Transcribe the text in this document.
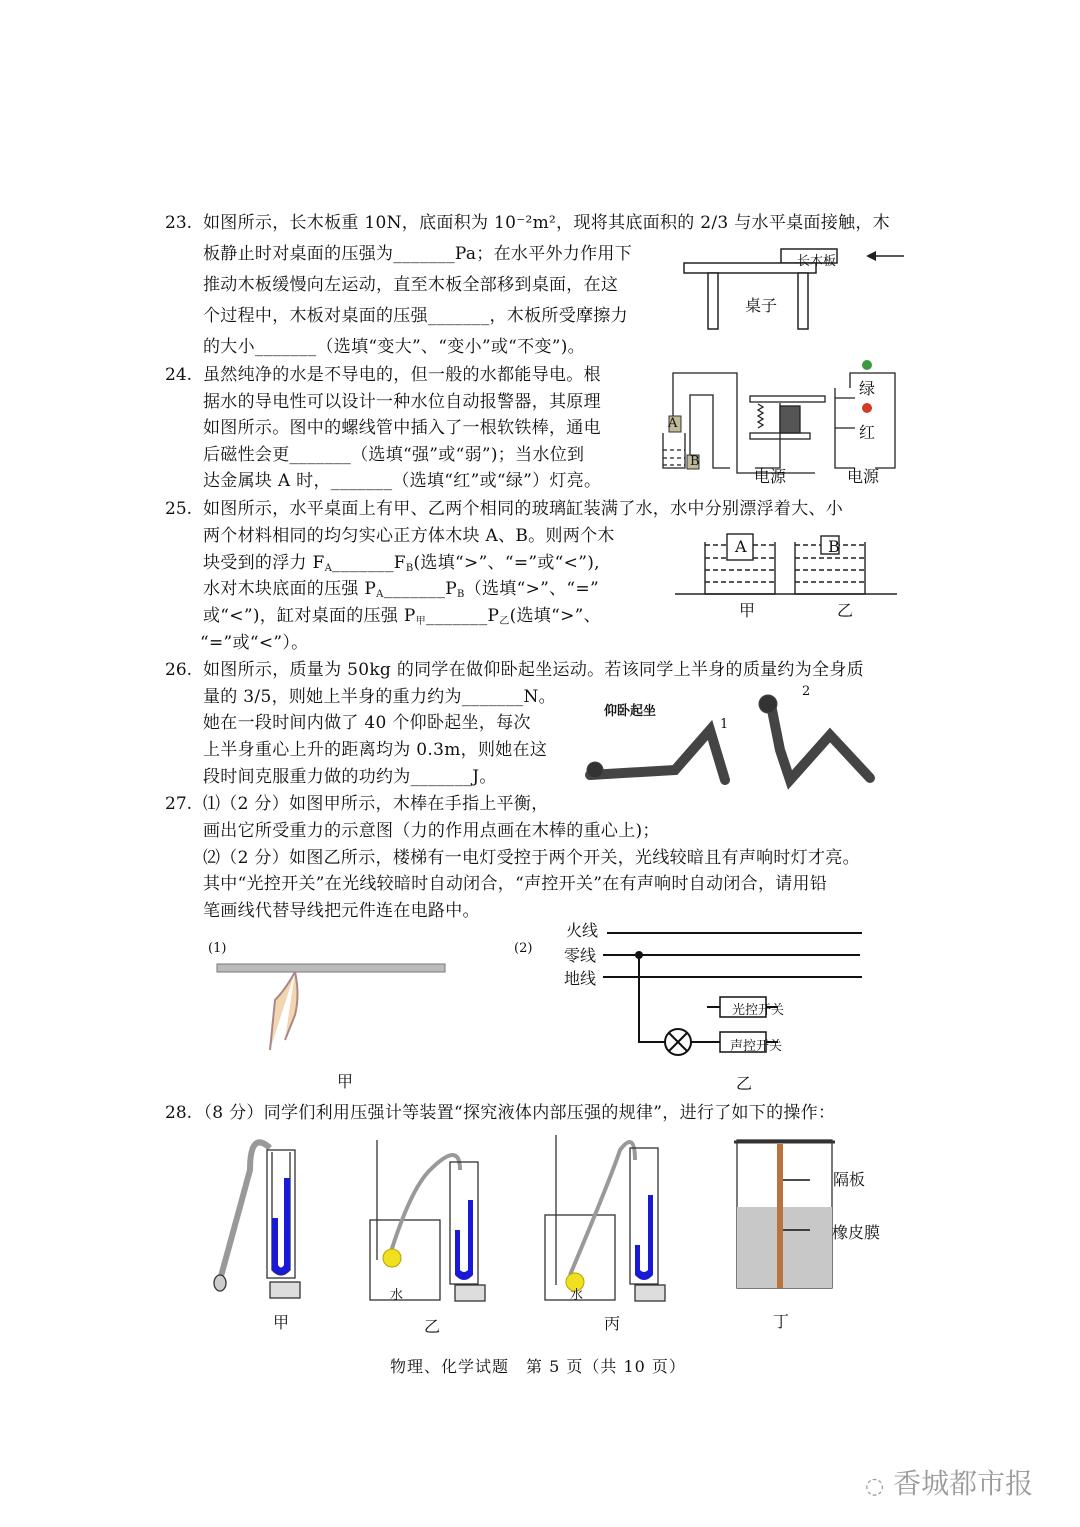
23. 如图所示，长木板重 10N，底面积为 10⁻²m²，现将其底面积的 2/3 与水平桌面接触，木
板静止时对桌面的压强为_______Pa；在水平外力作用下
推动木板缓慢向左运动，直至木板全部移到桌面，在这
个过程中，木板对桌面的压强_______，木板所受摩擦力
的大小_______（选填“变大”、“变小”或“不变”)。
长木板
桌子
24. 虽然纯净的水是不导电的，但一般的水都能导电。根
据水的导电性可以设计一种水位自动报警器，其原理
如图所示。图中的螺线管中插入了一根软铁棒，通电
后磁性会更_______（选填“强”或“弱”)；当水位到
达金属块 A 时，_______（选填“红”或“绿”）灯亮。
A
B
绿
红
电源	电源
25. 如图所示，水平桌面上有甲、乙两个相同的玻璃缸装满了水，水中分别漂浮着大、小
两个材料相同的均匀实心正方体木块 A、B。则两个木
块受到的浮力 $F_A\_\_\_\_\_\_\_F_B$(选填“>”、“=”或“<”),
水对木块底面的压强 $P_A\_\_\_\_\_\_\_P_B$（选填“>”、“=”
或“<”)，缸对桌面的压强 $P_甲\_\_\_\_\_\_\_P_乙$(选填“>”、
“=”或“<”）。
A	B
甲	乙
26. 如图所示，质量为 50kg 的同学在做仰卧起坐运动。若该同学上半身的质量约为全身质
量的 3/5，则她上半身的重力约为_______N。
她在一段时间内做了 40 个仰卧起坐，每次
上半身重心上升的距离均为 0.3m，则她在这
段时间克服重力做的功约为_______J。
仰卧起坐
1
2
27. ⑴（2 分）如图甲所示，木棒在手指上平衡，
画出它所受重力的示意图（力的作用点画在木棒的重心上)；
⑵（2 分）如图乙所示，楼梯有一电灯受控于两个开关，光线较暗且有声响时灯才亮。
其中“光控开关”在光线较暗时自动闭合，“声控开关”在有声响时自动闭合，请用铅
笔画线代替导线把元件连在电路中。
(1)
甲
(2)
火线
零线
地线
光控开关
声控开关
乙
28. （8 分）同学们利用压强计等装置“探究液体内部压强的规律”，进行了如下的操作：
水	水
隔板
橡皮膜
甲	乙	丙	丁
物理、化学试题　第 5 页（共 10 页）
◌ 香城都市报
